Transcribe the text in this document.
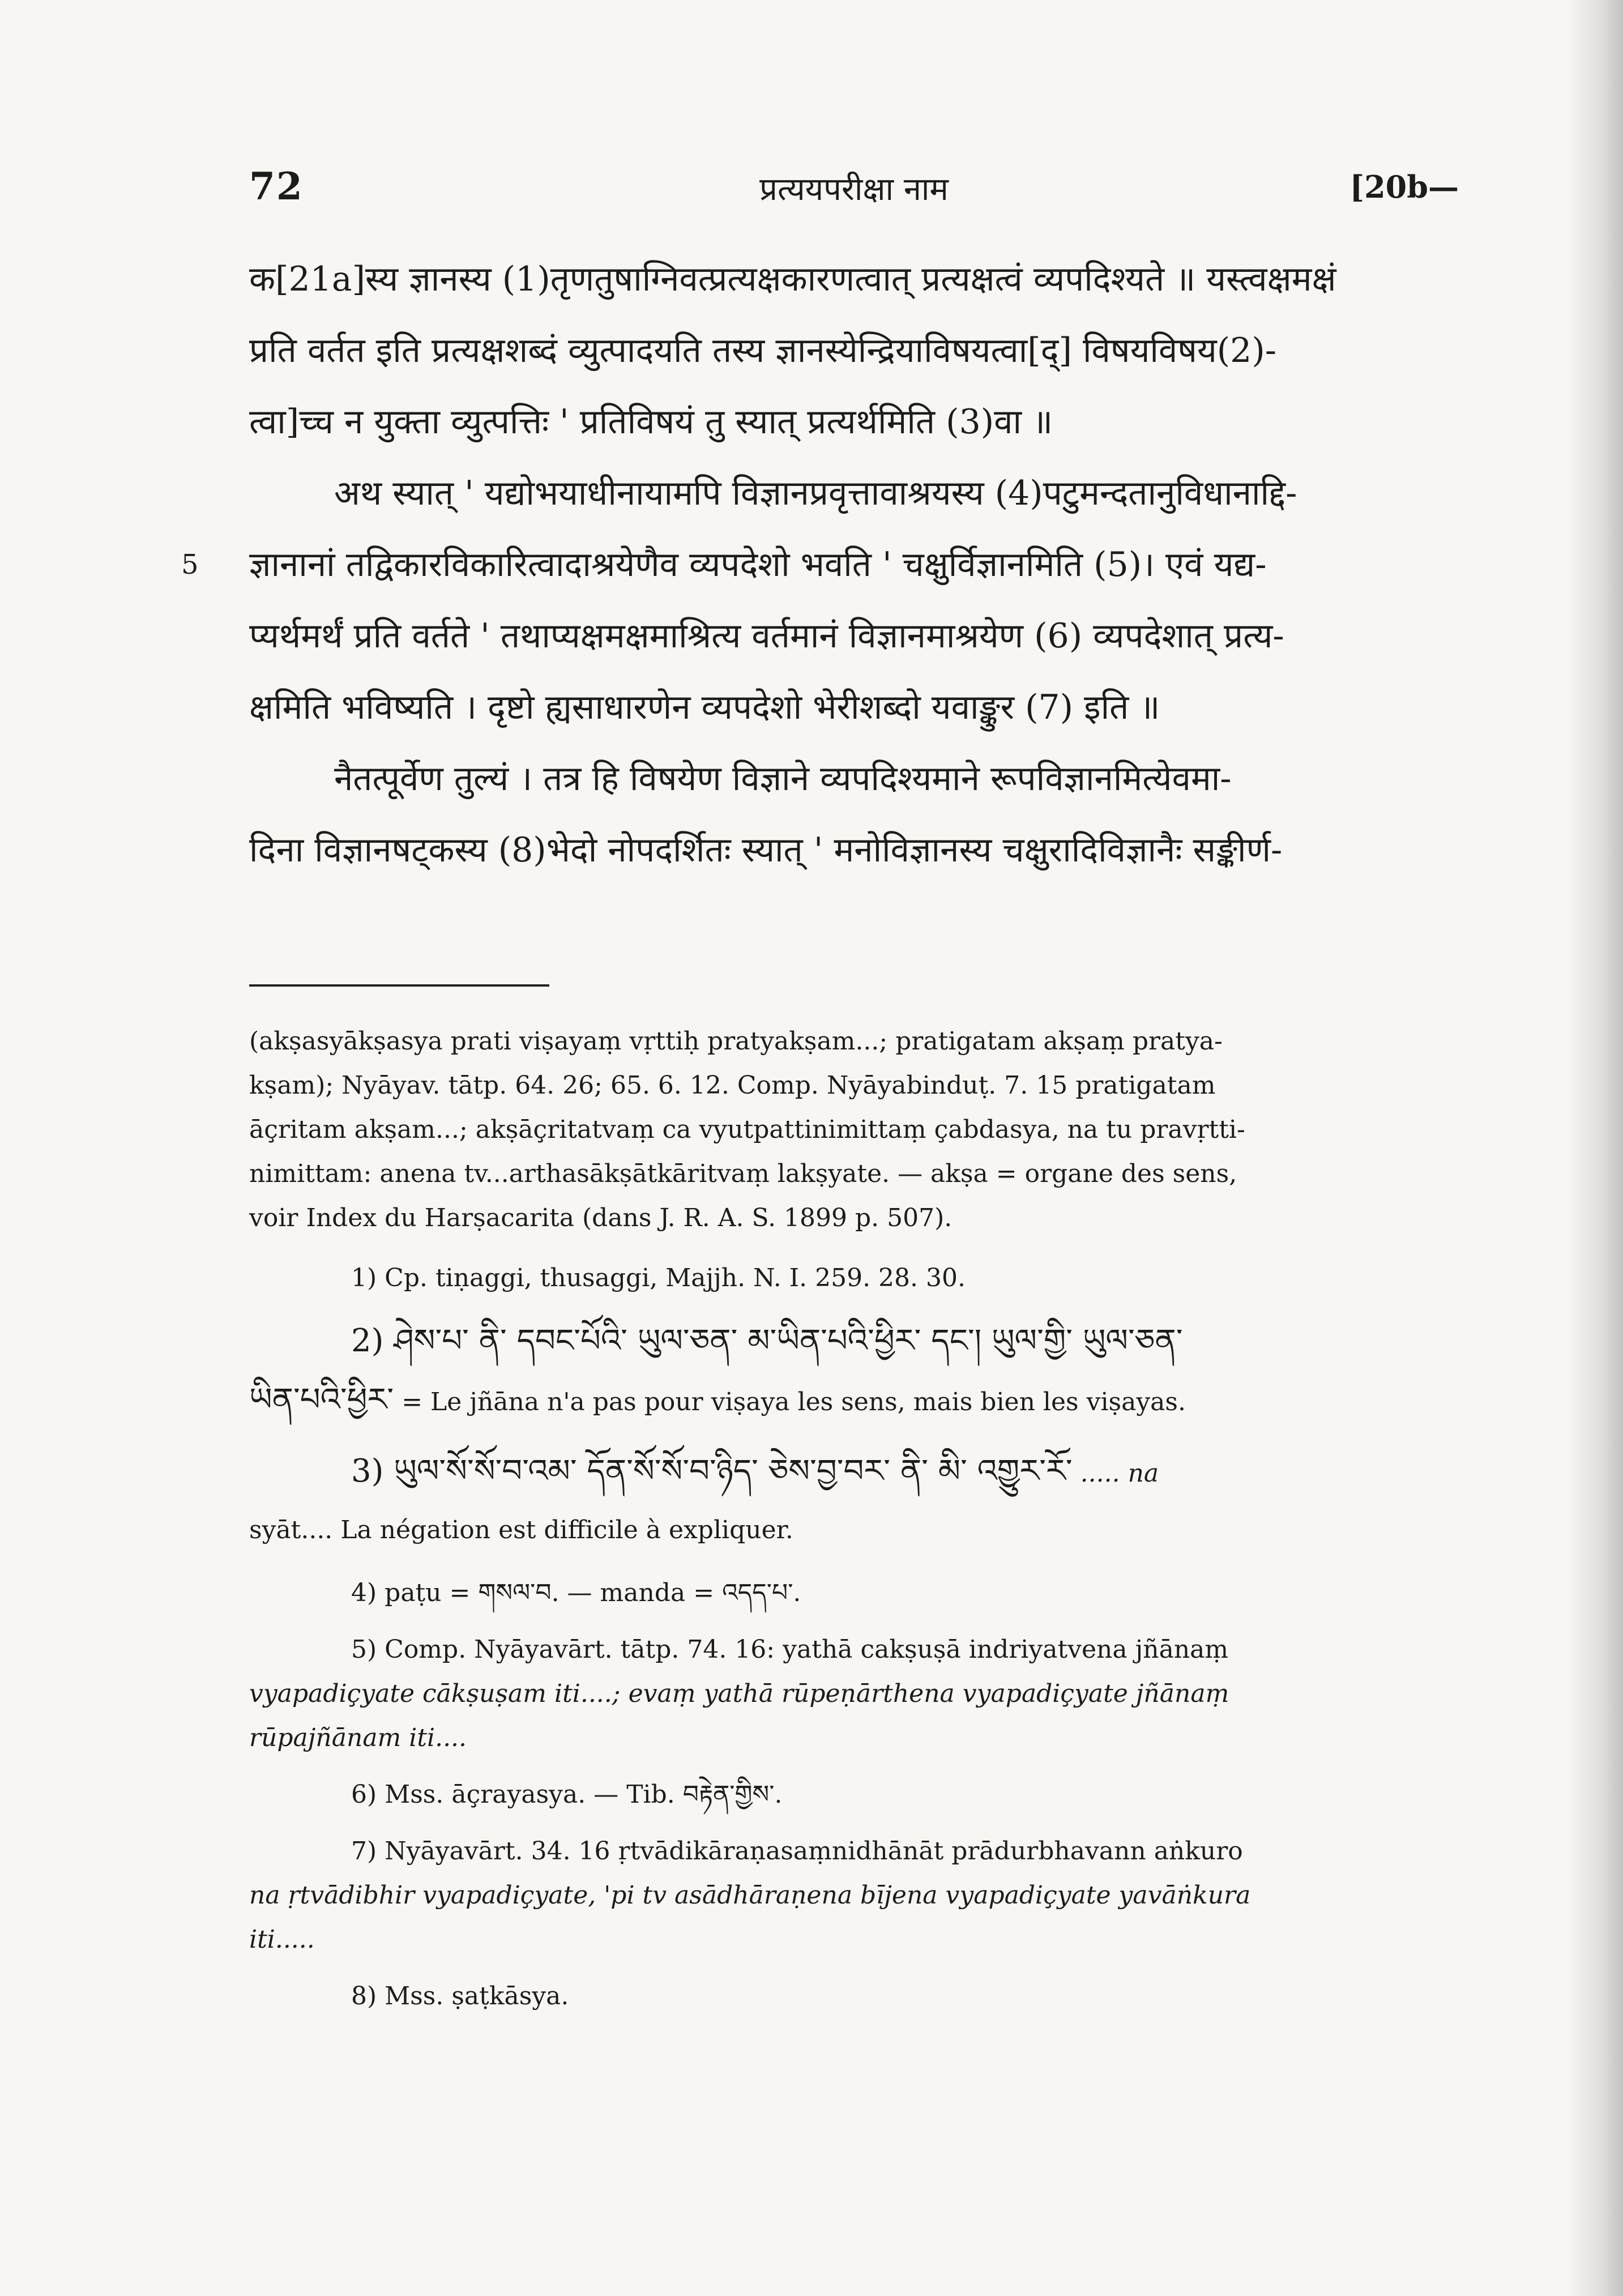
72	प्रत्ययपरीक्षा नाम	[20b—
क[21a]स्य ज्ञानस्य (1)तृणतुषाग्निवत्प्रत्यक्षकारणत्वात् प्रत्यक्षत्वं व्यपदिश्यते ॥ यस्त्वक्षमक्षं
प्रति वर्तत इति प्रत्यक्षशब्दं व्युत्पादयति तस्य ज्ञानस्येन्द्रियाविषयत्वा[द्] विषयविषय(2)-
त्वा]च्च न युक्ता व्युत्पत्तिः ' प्रतिविषयं तु स्यात् प्रत्यर्थमिति (3)वा ॥
अथ स्यात् ' यद्योभयाधीनायामपि विज्ञानप्रवृत्तावाश्रयस्य (4)पटुमन्दतानुविधानाद्दि-
5 ज्ञानानां तद्विकारविकारित्वादाश्रयेणैव व्यपदेशो भवति ' चक्षुर्विज्ञानमिति (5)। एवं यद्य-
प्यर्थमर्थं प्रति वर्तते ' तथाप्यक्षमक्षमाश्रित्य वर्तमानं विज्ञानमाश्रयेण (6) व्यपदेशात् प्रत्य-
क्षमिति भविष्यति । दृष्टो ह्यसाधारणेन व्यपदेशो भेरीशब्दो यवाङ्कुर (7) इति ॥
नैतत्पूर्वेण तुल्यं । तत्र हि विषयेण विज्ञाने व्यपदिश्यमाने रूपविज्ञानमित्येवमा-
दिना विज्ञानषट्कस्य (8)भेदो नोपदर्शितः स्यात् ' मनोविज्ञानस्य चक्षुरादिविज्ञानैः सङ्कीर्ण-

(akṣasyākṣasya prati viṣayaṃ vṛttiḥ pratyakṣam...; pratigatam akṣaṃ pratya-
kṣam); Nyāyav. tātp. 64. 26; 65. 6. 12. Comp. Nyāyabinduṭ. 7. 15 pratigatam
āçritam akṣam...; akṣāçritatvaṃ ca vyutpattinimittaṃ çabdasya, na tu pravṛtti-
nimittam: anena tv...arthasākṣātkāritvaṃ lakṣyate. — akṣa = organe des sens,
voir Index du Harṣacarita (dans J. R. A. S. 1899 p. 507).

1) Cp. tiṇaggi, thusaggi, Majjh. N. I. 259. 28. 30.

2) ཤེས་པ་ ནི་ དབང་པོའི་ ཡུལ་ཅན་ མ་ཡིན་པའི་ཕྱིར་ དང་། ཡུལ་གྱི་ ཡུལ་ཅན་
ཡིན་པའི་ཕྱིར་ = Le jñāna n'a pas pour viṣaya les sens, mais bien les viṣayas.

3) ཡུལ་སོ་སོ་བ་འམ་ དོན་སོ་སོ་བ་ཉིད་ ཅེས་བྱ་བར་ ནི་ མི་ འགྱུར་རོ་ ..... na
syāt.... La négation est difficile à expliquer.

4) paṭu = གསལ་བ. — manda = འདད་པ་.

5) Comp. Nyāyavārt. tātp. 74. 16: yathā cakṣuṣā indriyatvena jñānaṃ
vyapadiçyate cākṣuṣam iti....; evaṃ yathā rūpeṇārthena vyapadiçyate jñānaṃ
rūpajñānam iti....

6) Mss. āçrayasya. — Tib. བརྟེན་གྱིས་.

7) Nyāyavārt. 34. 16 ṛtvādikāraṇasaṃnidhānāt prādurbhavann aṅkuro
na ṛtvādibhir vyapadiçyate, 'pi tv asādhāraṇena bījena vyapadiçyate yavāṅkura
iti.....

8) Mss. ṣaṭkāsya.
